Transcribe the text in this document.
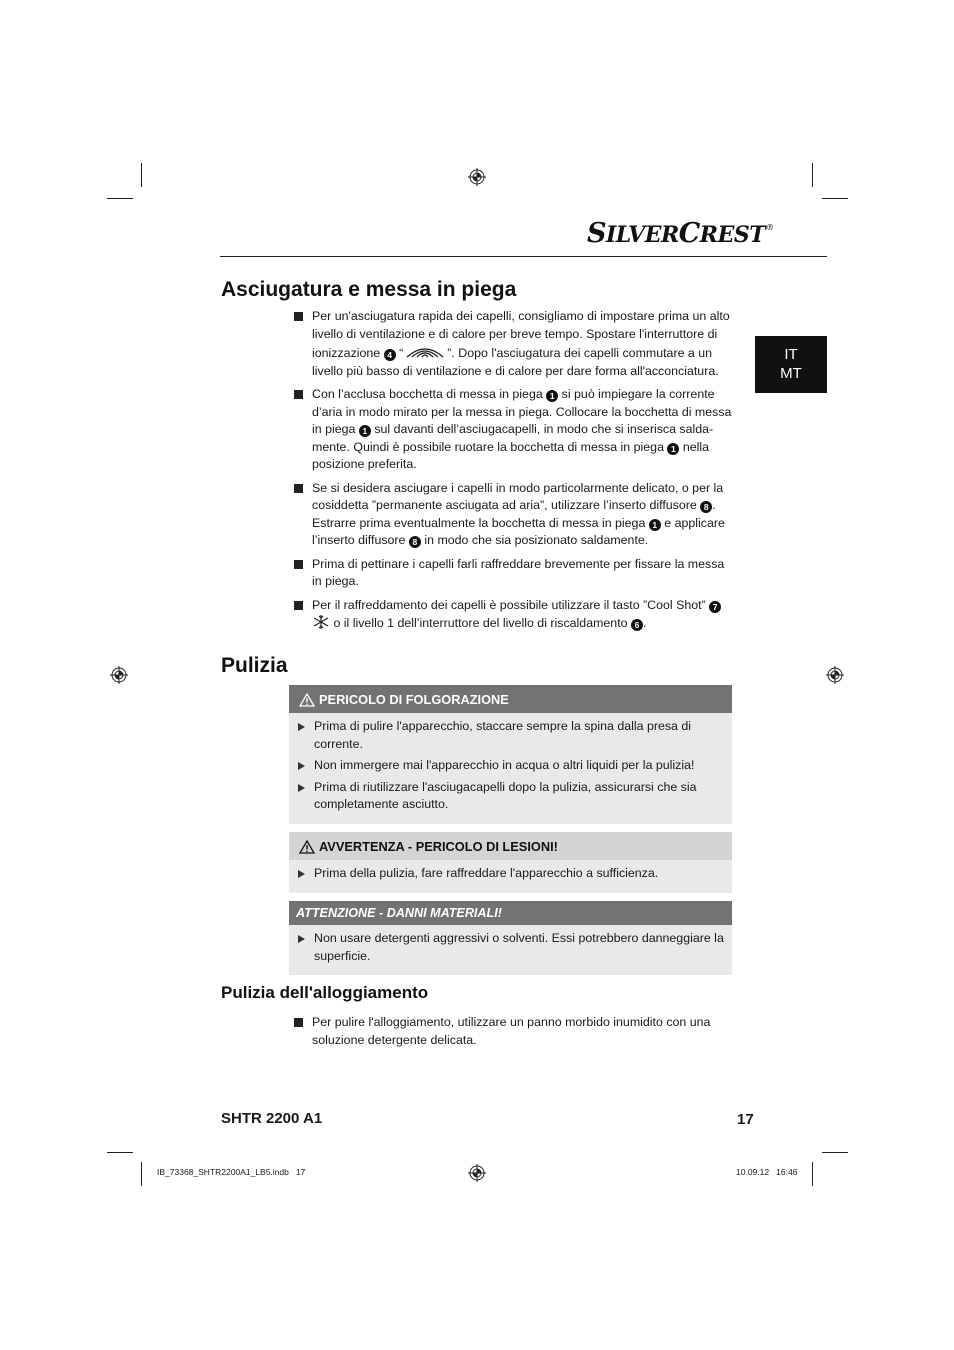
SILVERCREST®
IT
MT
Asciugatura e messa in piega
Per un'asciugatura rapida dei capelli, consigliamo di impostare prima un alto livello di ventilazione e di calore per breve tempo. Spostare l'interruttore di ionizzazione 4 “	”. Dopo l'asciugatura dei capelli commutare a un livello più basso di ventilazione e di calore per dare forma all'acconciatura.
Con l’acclusa bocchetta di messa in piega 1 si può impiegare la corrente d’aria in modo mirato per la messa in piega. Collocare la bocchetta di messa in piega 1 sul davanti dell’asciugacapelli, in modo che si inserisca salda-mente. Quindi è possibile ruotare la bocchetta di messa in piega 1 nella posizione preferita.
Se si desidera asciugare i capelli in modo particolarmente delicato, o per la cosiddetta ”permanente asciugata ad aria”, utilizzare l’inserto diffusore 8 . Estrarre prima eventualmente la bocchetta di messa in piega 1 e applicare l’inserto diffusore 8 in modo che sia posizionato saldamente.
Prima di pettinare i capelli farli raffreddare brevemente per fissare la messa in piega.
Per il raffreddamento dei capelli è possibile utilizzare il tasto ”Cool Shot” 7  o il livello 1 dell’interruttore del livello di riscaldamento 6 .
Pulizia
PERICOLO DI FOLGORAZIONE
Prima di pulire l'apparecchio, staccare sempre la spina dalla presa di corrente.
Non immergere mai l'apparecchio in acqua o altri liquidi per la pulizia!
Prima di riutilizzare l'asciugacapelli dopo la pulizia, assicurarsi che sia completamente asciutto.
AVVERTENZA - PERICOLO DI LESIONI!
Prima della pulizia, fare raffreddare l'apparecchio a sufficienza.
ATTENZIONE - DANNI MATERIALI!
Non usare detergenti aggressivi o solventi. Essi potrebbero danneggiare la superficie.
Pulizia dell'alloggiamento
Per pulire l'alloggiamento, utilizzare un panno morbido inumidito con una soluzione detergente delicata.
SHTR 2200 A1	17
IB_73368_SHTR2200A1_LB5.indb   17	10.09.12   16:46
